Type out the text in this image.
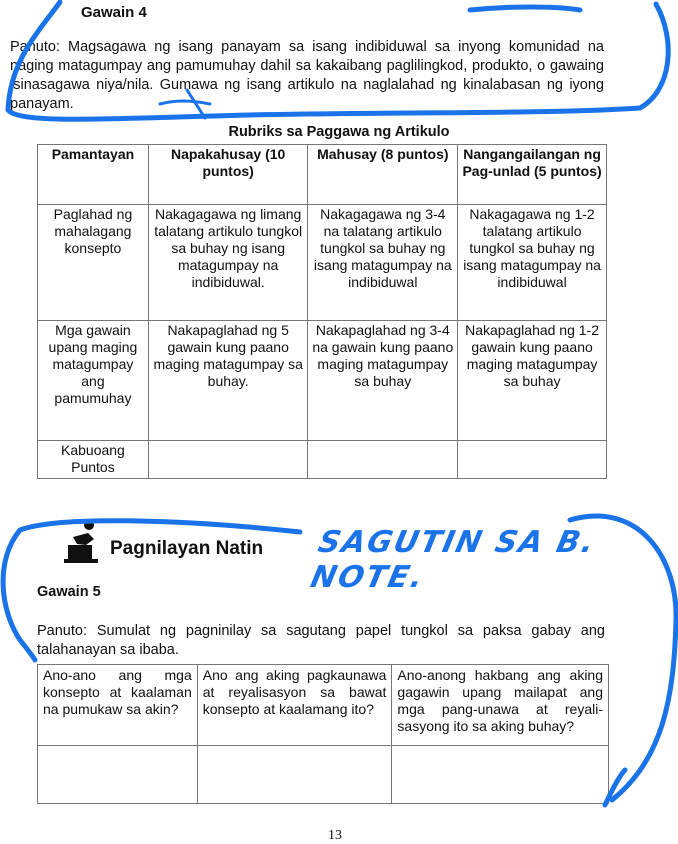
Gawain 4
Panuto: Magsagawa ng isang panayam sa isang indibiduwal sa inyong komunidad na naging matagumpay ang pamumuhay dahil sa kakaibang paglilingkod, produkto, o gawaing isinasagawa niya/nila. Gumawa ng isang artikulo na naglalahad ng kinalabasan ng iyong panayam.
Rubriks sa Paggawa ng Artikulo
Pamantayan	Napakahusay (10 puntos)	Mahusay (8 puntos)	Nangangailangan ng Pag-unlad (5 puntos)
Paglahad ng mahalagang konsepto	Nakagagawa ng limang talatang artikulo tungkol sa buhay ng isang matagumpay na indibiduwal.	Nakagagawa ng 3-4 na talatang artikulo tungkol sa buhay ng isang matagumpay na indibiduwal	Nakagagawa ng 1-2 talatang artikulo tungkol sa buhay ng isang matagumpay na indibiduwal
Mga gawain upang maging matagumpay ang pamumuhay	Nakapaglahad ng 5 gawain kung paano maging matagumpay sa buhay.	Nakapaglahad ng 3-4 na gawain kung paano maging matagumpay sa buhay	Nakapaglahad ng 1-2 gawain kung paano maging matagumpay sa buhay
Kabuoang Puntos			
Pagnilayan Natin SAGUTIN SA B. NOTE.
Gawain 5
Panuto: Sumulat ng pagninilay sa sagutang papel tungkol sa paksa gabay ang talahanayan sa ibaba.
Ano-ano ang mga konsepto at kaalaman na pumukaw sa akin?	Ano ang aking pagkaunawa at reyalisasyon sa bawat konsepto at kaalamang ito?	Ano-anong hakbang ang aking gagawin upang mailapat ang mga pang-unawa at reyali-sasyong ito sa aking buhay?

13
